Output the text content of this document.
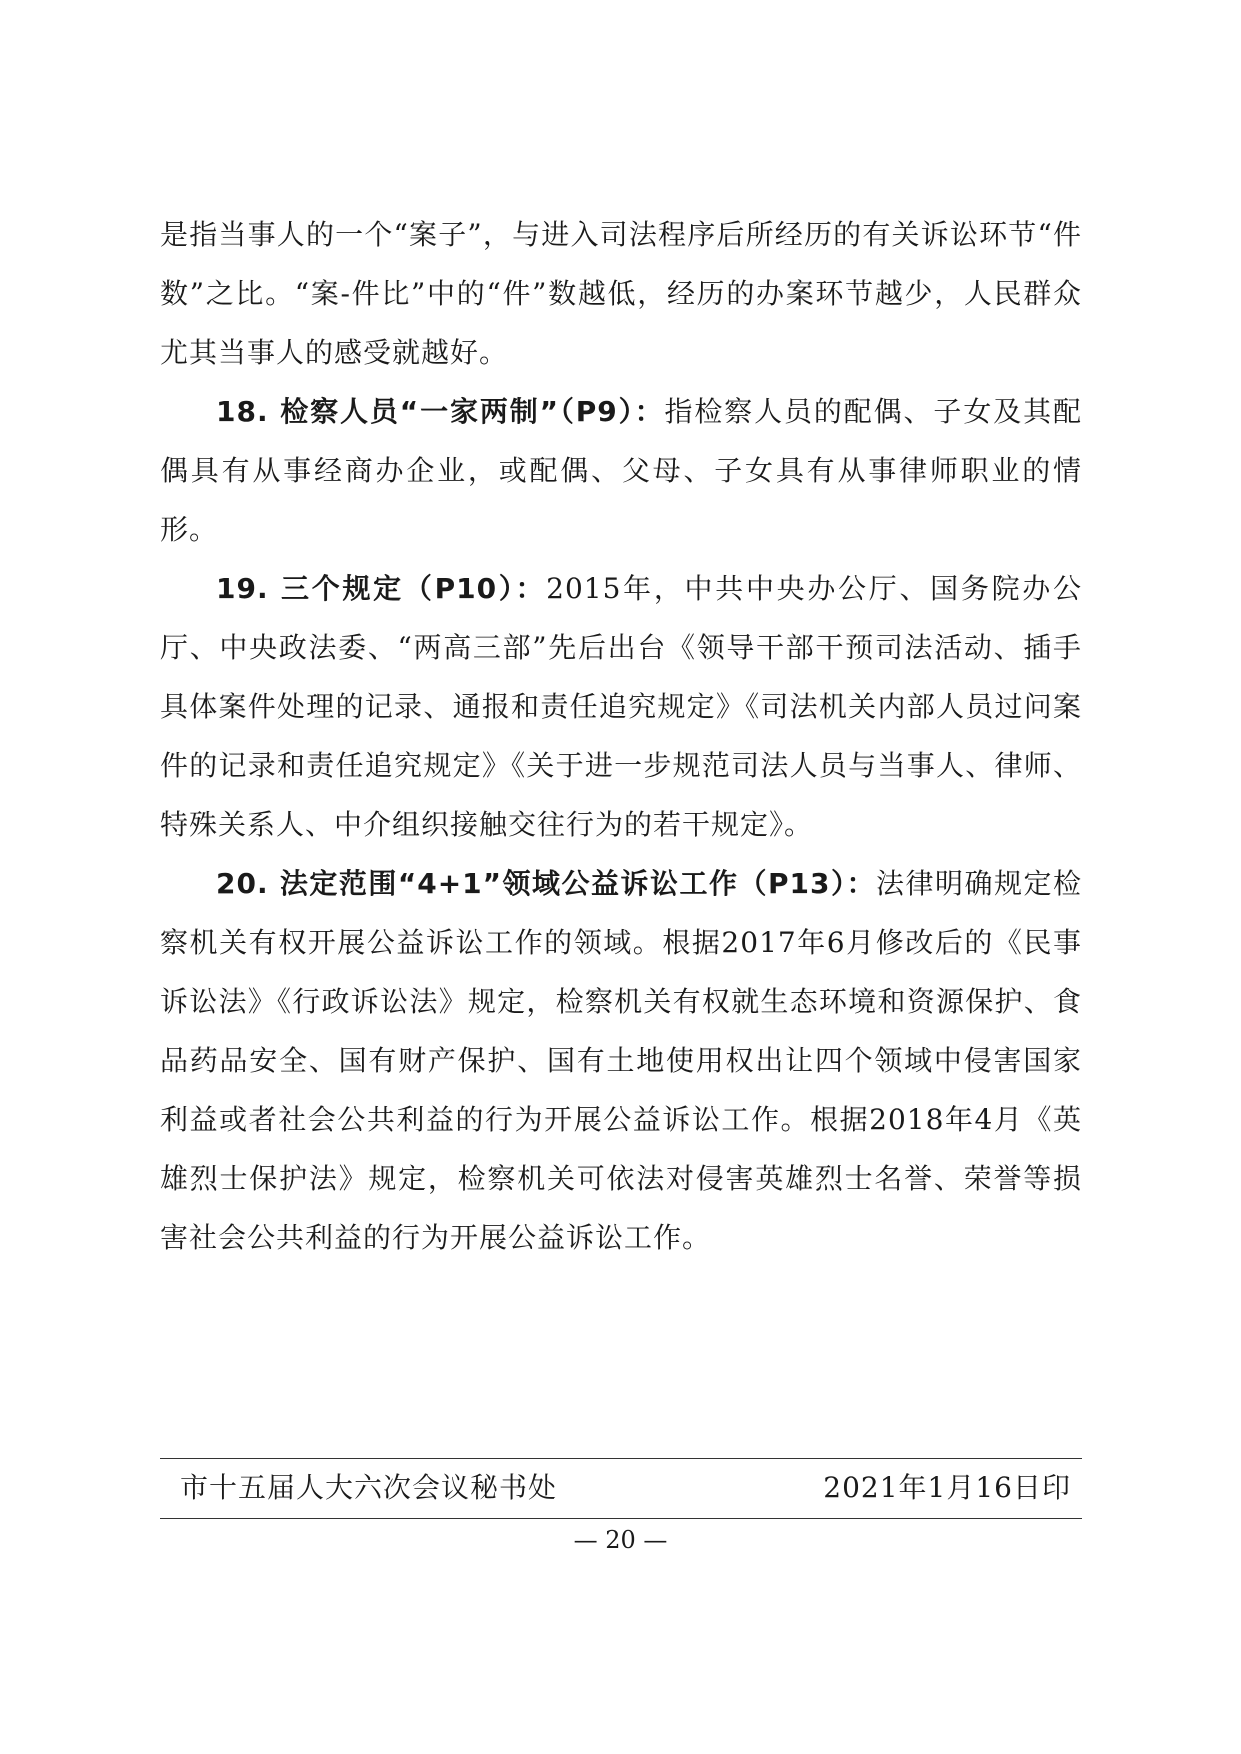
是指当事人的一个“案子”，与进入司法程序后所经历的有关诉讼环节“件数”之比。“案-件比”中的“件”数越低，经历的办案环节越少，人民群众尤其当事人的感受就越好。

18. 检察人员“一家两制”（P9）：指检察人员的配偶、子女及其配偶具有从事经商办企业，或配偶、父母、子女具有从事律师职业的情形。

19. 三个规定（P10）：2015年，中共中央办公厅、国务院办公厅、中央政法委、“两高三部”先后出台《领导干部干预司法活动、插手具体案件处理的记录、通报和责任追究规定》《司法机关内部人员过问案件的记录和责任追究规定》《关于进一步规范司法人员与当事人、律师、特殊关系人、中介组织接触交往行为的若干规定》。

20. 法定范围“4+1”领域公益诉讼工作（P13）：法律明确规定检察机关有权开展公益诉讼工作的领域。根据2017年6月修改后的《民事诉讼法》《行政诉讼法》规定，检察机关有权就生态环境和资源保护、食品药品安全、国有财产保护、国有土地使用权出让四个领域中侵害国家利益或者社会公共利益的行为开展公益诉讼工作。根据2018年4月《英雄烈士保护法》规定，检察机关可依法对侵害英雄烈士名誉、荣誉等损害社会公共利益的行为开展公益诉讼工作。

市十五届人大六次会议秘书处	2021年1月16日印
— 20 —
